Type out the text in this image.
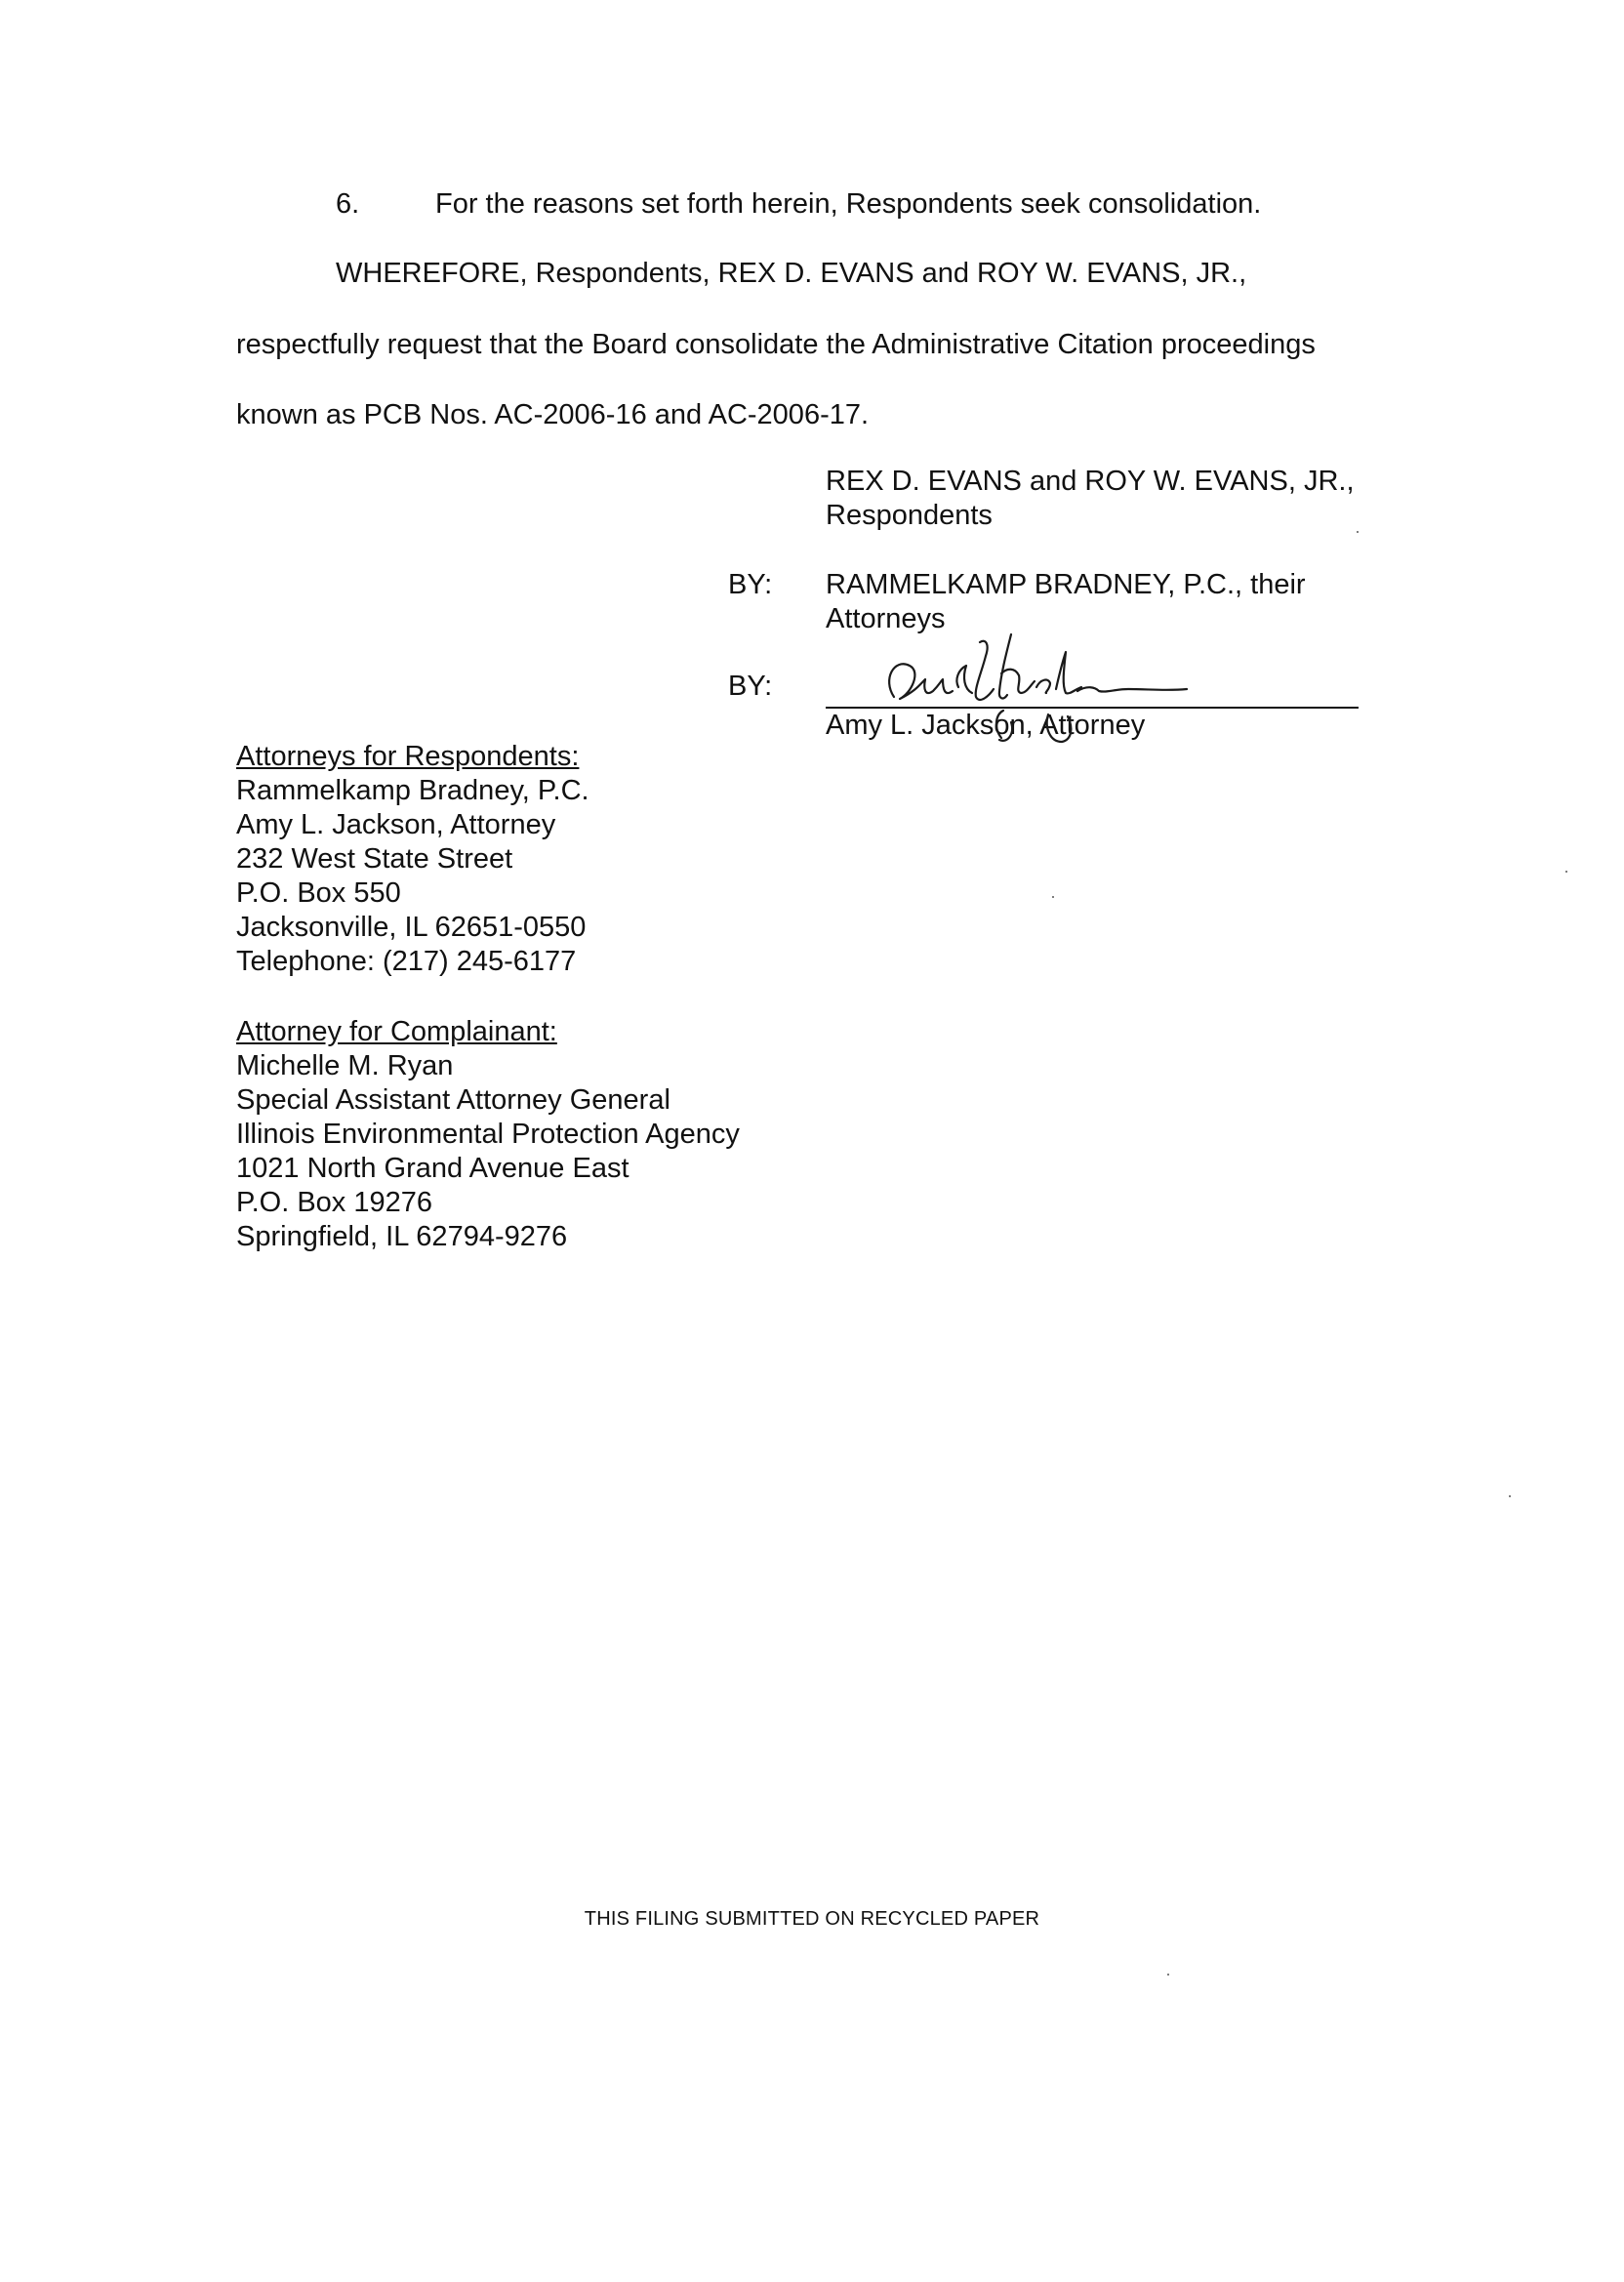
6.	For the reasons set forth herein, Respondents seek consolidation.
WHEREFORE, Respondents, REX D. EVANS and ROY W. EVANS, JR.,
respectfully request that the Board consolidate the Administrative Citation proceedings
known as PCB Nos. AC-2006-16 and AC-2006-17.
REX D. EVANS and ROY W. EVANS, JR.,
Respondents
BY: RAMMELKAMP BRADNEY, P.C., their
Attorneys
BY:
Amy L. Jackson, Attorney
Attorneys for Respondents:
Rammelkamp Bradney, P.C.
Amy L. Jackson, Attorney
232 West State Street
P.O. Box 550
Jacksonville, IL 62651-0550
Telephone: (217) 245-6177
Attorney for Complainant:
Michelle M. Ryan
Special Assistant Attorney General
Illinois Environmental Protection Agency
1021 North Grand Avenue East
P.O. Box 19276
Springfield, IL 62794-9276
THIS FILING SUBMITTED ON RECYCLED PAPER
